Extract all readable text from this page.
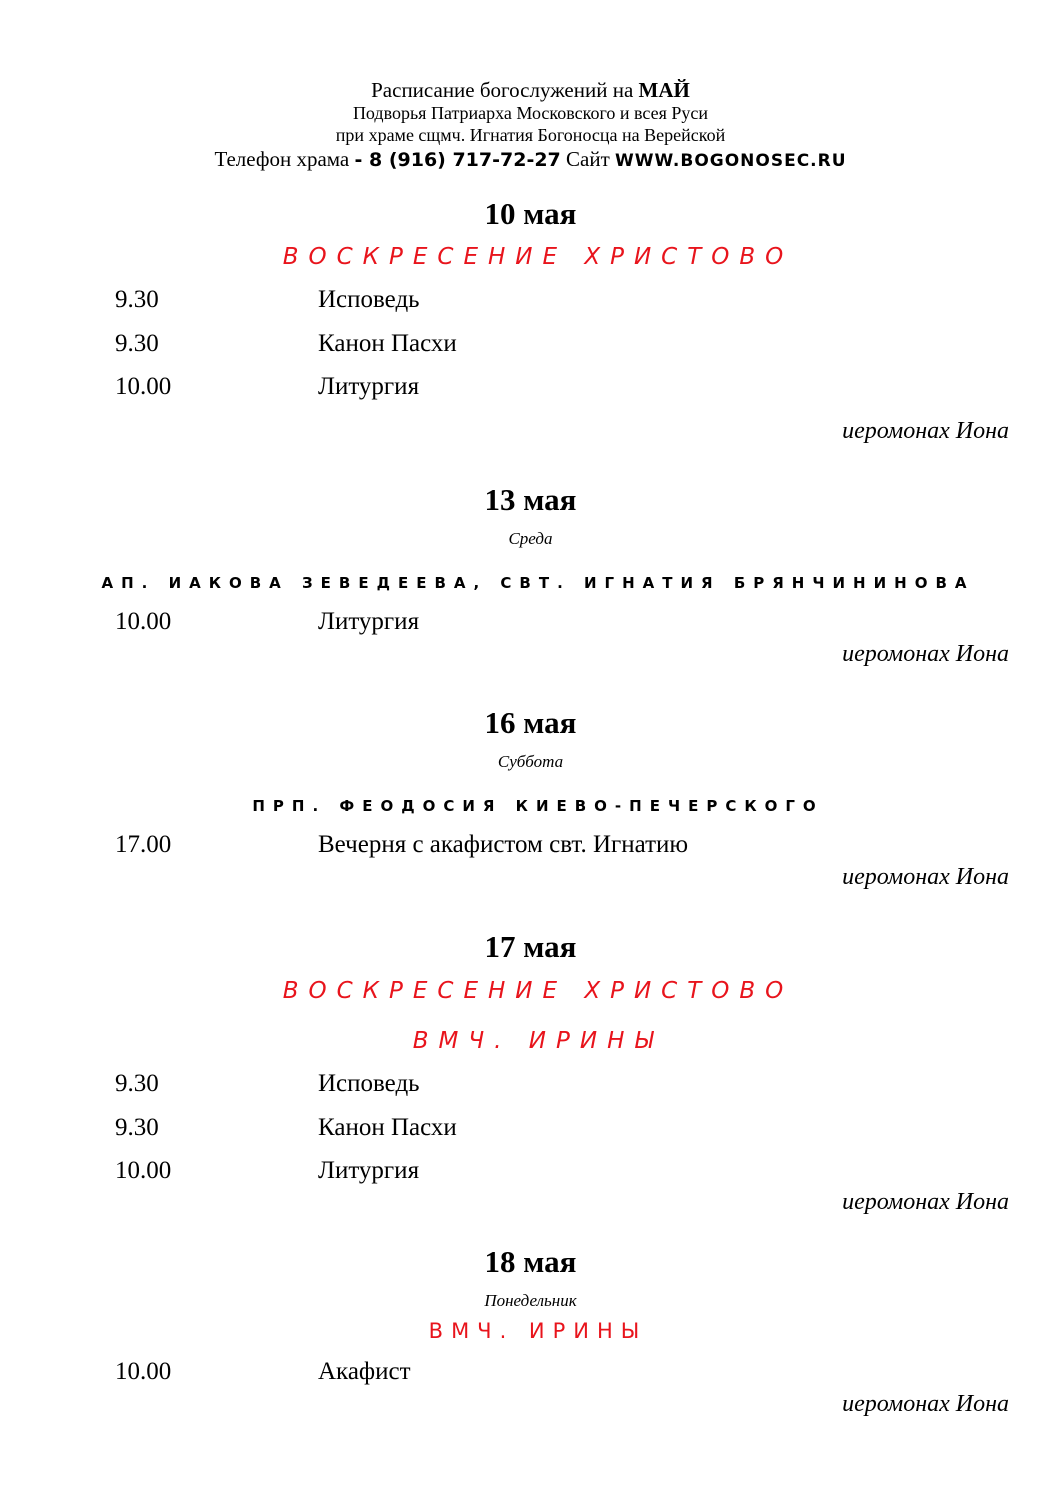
Расписание богослужений на МАЙ
Подворья Патриарха Московского и всея Руси
при храме сщмч. Игнатия Богоносца на Верейской
Телефон храма - 8 (916) 717-72-27 Сайт WWW.BOGONOSEC.RU
10 мая
ВОСКРЕСЕНИЕ ХРИСТОВО
9.30	Исповедь
9.30	Канон Пасхи
10.00	Литургия
иеромонах Иона
13 мая
Среда
АП. ИАКОВА ЗЕВЕДЕЕВА, СВТ. ИГНАТИЯ БРЯНЧИНИНОВА
10.00	Литургия
иеромонах Иона
16 мая
Суббота
ПРП. ФЕОДОСИЯ КИЕВО-ПЕЧЕРСКОГО
17.00	Вечерня с акафистом свт. Игнатию
иеромонах Иона
17 мая
ВОСКРЕСЕНИЕ ХРИСТОВО
ВМЧ. ИРИНЫ
9.30	Исповедь
9.30	Канон Пасхи
10.00	Литургия
иеромонах Иона
18 мая
Понедельник
ВМЧ. ИРИНЫ
10.00	Акафист
иеромонах Иона
